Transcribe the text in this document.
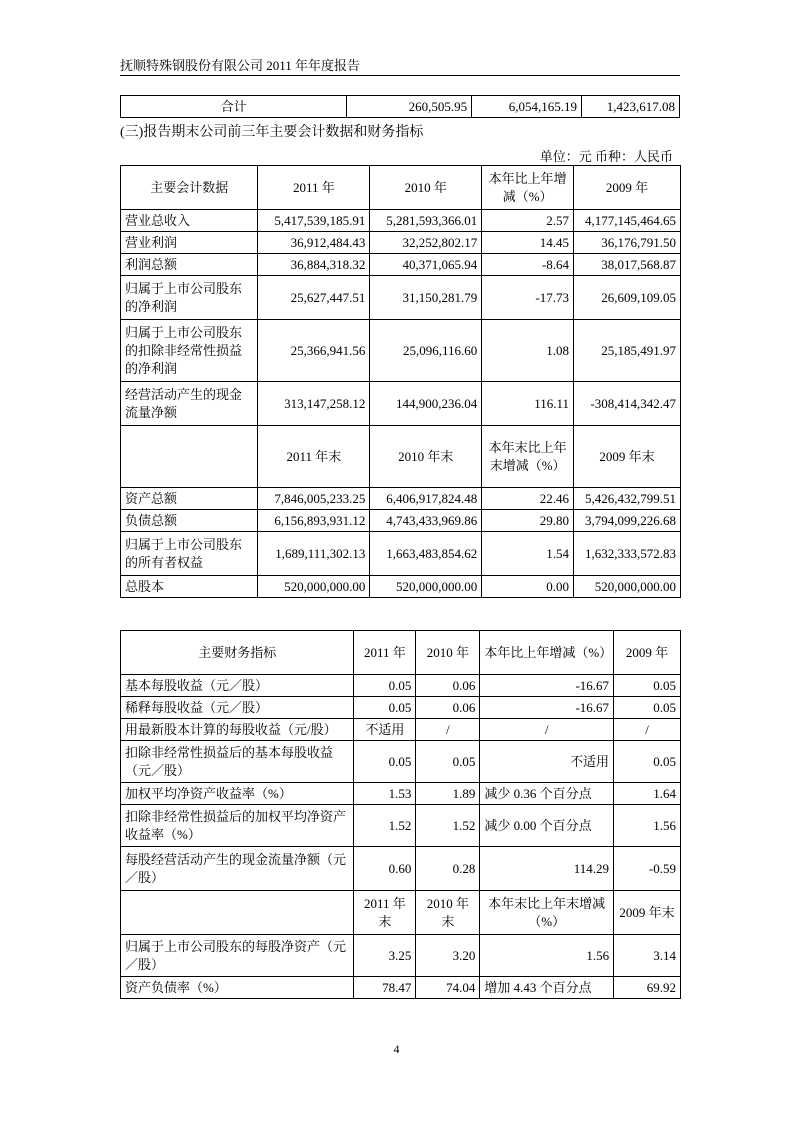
抚顺特殊钢股份有限公司 2011 年年度报告
合计	260,505.95	6,054,165.19	1,423,617.08
(三)报告期末公司前三年主要会计数据和财务指标
单位：元 币种：人民币
主要会计数据	2011 年	2010 年	本年比上年增减（%）	2009 年
营业总收入	5,417,539,185.91	5,281,593,366.01	2.57	4,177,145,464.65
营业利润	36,912,484.43	32,252,802.17	14.45	36,176,791.50
利润总额	36,884,318.32	40,371,065.94	-8.64	38,017,568.87
归属于上市公司股东的净利润	25,627,447.51	31,150,281.79	-17.73	26,609,109.05
归属于上市公司股东的扣除非经常性损益的净利润	25,366,941.56	25,096,116.60	1.08	25,185,491.97
经营活动产生的现金流量净额	313,147,258.12	144,900,236.04	116.11	-308,414,342.47
	2011 年末	2010 年末	本年末比上年末增减（%）	2009 年末
资产总额	7,846,005,233.25	6,406,917,824.48	22.46	5,426,432,799.51
负债总额	6,156,893,931.12	4,743,433,969.86	29.80	3,794,099,226.68
归属于上市公司股东的所有者权益	1,689,111,302.13	1,663,483,854.62	1.54	1,632,333,572.83
总股本	520,000,000.00	520,000,000.00	0.00	520,000,000.00
主要财务指标	2011 年	2010 年	本年比上年增减（%）	2009 年
基本每股收益（元／股）	0.05	0.06	-16.67	0.05
稀释每股收益（元／股）	0.05	0.06	-16.67	0.05
用最新股本计算的每股收益（元/股）	不适用	/	/	/
扣除非经常性损益后的基本每股收益（元／股）	0.05	0.05	不适用	0.05
加权平均净资产收益率（%）	1.53	1.89	减少 0.36 个百分点	1.64
扣除非经常性损益后的加权平均净资产收益率（%）	1.52	1.52	减少 0.00 个百分点	1.56
每股经营活动产生的现金流量净额（元／股）	0.60	0.28	114.29	-0.59
	2011 年末	2010 年末	本年末比上年末增减（%）	2009 年末
归属于上市公司股东的每股净资产（元／股）	3.25	3.20	1.56	3.14
资产负债率（%）	78.47	74.04	增加 4.43 个百分点	69.92
4
